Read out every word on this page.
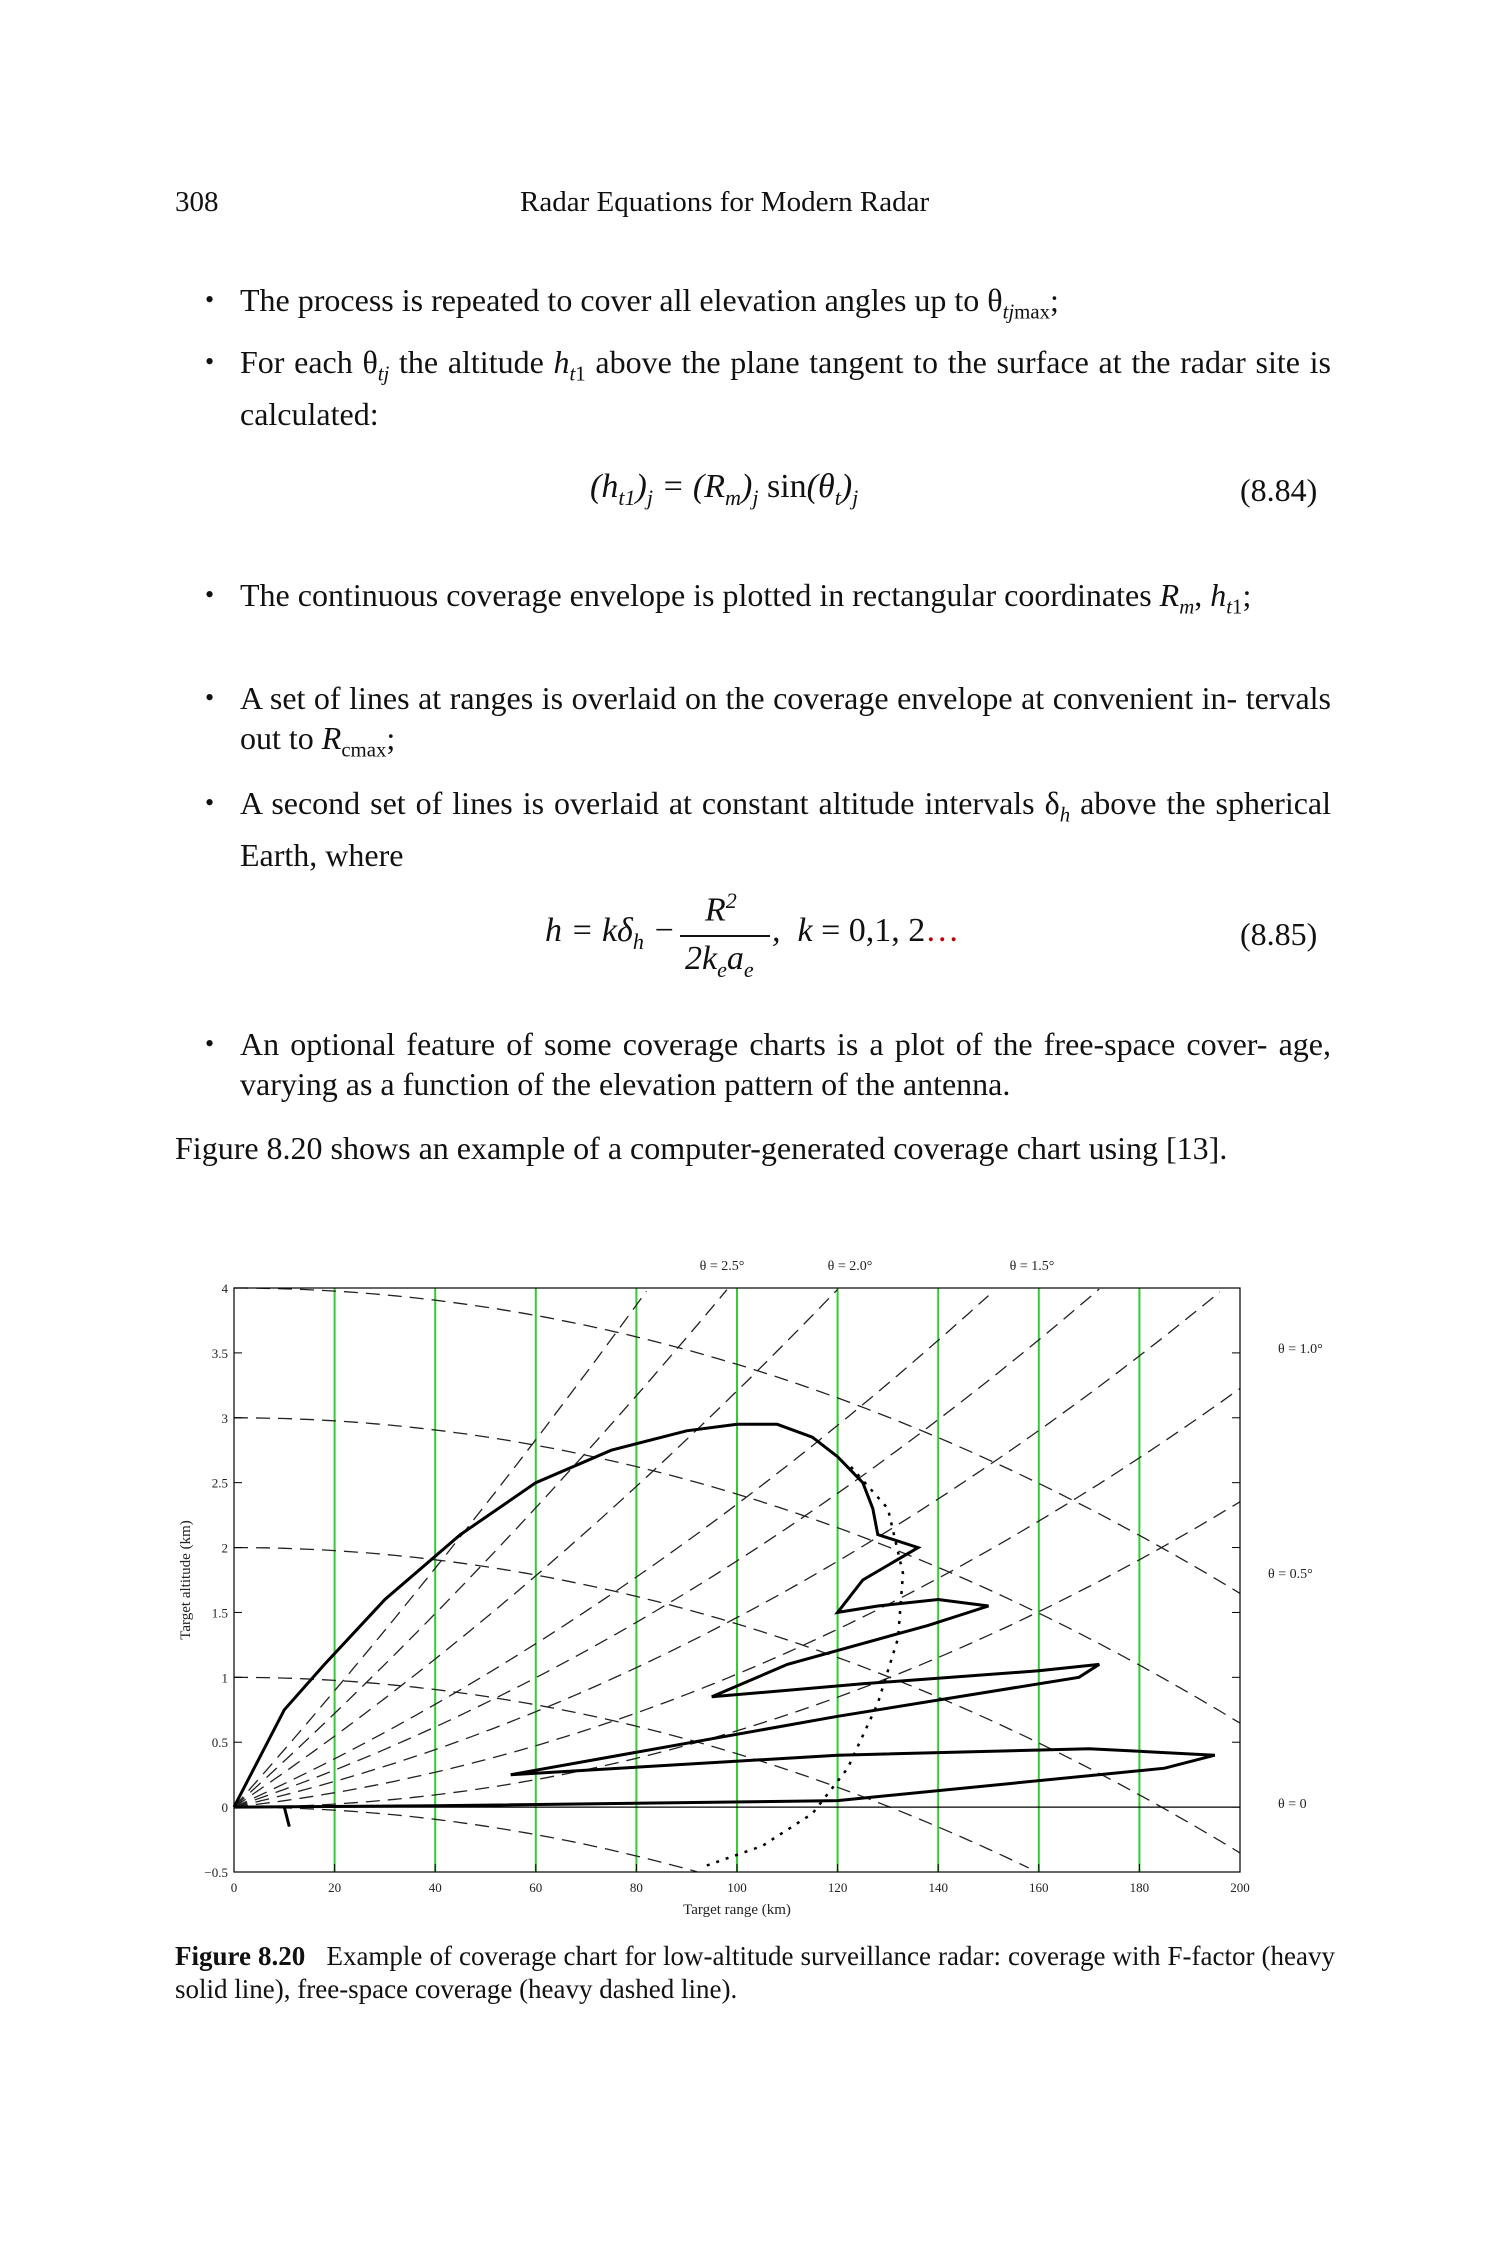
308	Radar Equations for Modern Radar
• The process is repeated to cover all elevation angles up to $\theta_{tjmax}$;
• For each $\theta_{tj}$ the altitude $h_{t1}$ above the plane tangent to the surface at the radar site is calculated:
$(h_{t1})_j = (R_m)_j$ $\sin(\theta_t)_j$	(8.84)
• The continuous coverage envelope is plotted in rectangular coordinates $R_m$, $h_{t1}$;
• A set of lines at ranges is overlaid on the coverage envelope at convenient in- tervals out to $R_{cmax}$;
• A second set of lines is overlaid at constant altitude intervals $\delta_h$ above the spherical Earth, where
$h = k\delta_h$ −
$R^2$
$2k_ea_e$
,  k = 0,1, 2…	(8.85)
• An optional feature of some coverage charts is a plot of the free-space cover- age, varying as a function of the elevation pattern of the antenna.
Figure 8.20 shows an example of a computer-generated coverage chart using [13].
0	20	40	60	80	100	120	140	160	180	200
−0.5
0
0.5
1
1.5
2
2.5
3
3.5
4
Target range (km)
Target altitude (km)
θ = 2.5°	θ = 2.0°	θ = 1.5°
θ = 1.0°
θ = 0.5°
θ = 0
Figure 8.20 Example of coverage chart for low-altitude surveillance radar: coverage with F-factor (heavy solid line), free-space coverage (heavy dashed line).
